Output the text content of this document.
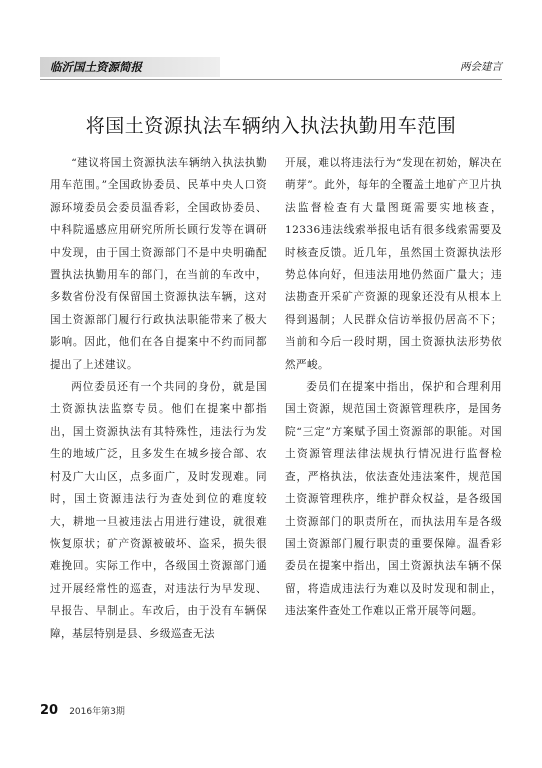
临沂国土资源简报	两会建言
将国土资源执法车辆纳入执法执勤用车范围

“建议将国土资源执法车辆纳入执法执勤用车范围。”全国政协委员、民革中央人口资源环境委员会委员温香彩，全国政协委员、中科院遥感应用研究所所长顾行发等在调研中发现，由于国土资源部门不是中央明确配置执法执勤用车的部门，在当前的车改中，多数省份没有保留国土资源执法车辆，这对国土资源部门履行行政执法职能带来了极大影响。因此，他们在各自提案中不约而同都提出了上述建议。

两位委员还有一个共同的身份，就是国土资源执法监察专员。他们在提案中都指出，国土资源执法有其特殊性，违法行为发生的地域广泛，且多发生在城乡接合部、农村及广大山区，点多面广，及时发现难。同时，国土资源违法行为查处到位的难度较大，耕地一旦被违法占用进行建设，就很难恢复原状；矿产资源被破坏、盗采，损失很难挽回。实际工作中，各级国土资源部门通过开展经常性的巡查，对违法行为早发现、早报告、早制止。车改后，由于没有车辆保障，基层特别是县、乡级巡查无法

开展，难以将违法行为“发现在初始，解决在萌芽”。此外，每年的全覆盖土地矿产卫片执法监督检查有大量图斑需要实地核查，12336违法线索举报电话有很多线索需要及时核查反馈。近几年，虽然国土资源执法形势总体向好，但违法用地仍然面广量大；违法勘查开采矿产资源的现象还没有从根本上得到遏制；人民群众信访举报仍居高不下；当前和今后一段时期，国土资源执法形势依然严峻。

委员们在提案中指出，保护和合理利用国土资源，规范国土资源管理秩序，是国务院“三定”方案赋予国土资源部的职能。对国土资源管理法律法规执行情况进行监督检查，严格执法，依法查处违法案件，规范国土资源管理秩序，维护群众权益，是各级国土资源部门的职责所在，而执法用车是各级国土资源部门履行职责的重要保障。温香彩委员在提案中指出，国土资源执法车辆不保留，将造成违法行为难以及时发现和制止，违法案件查处工作难以正常开展等问题。

20 2016年第3期
